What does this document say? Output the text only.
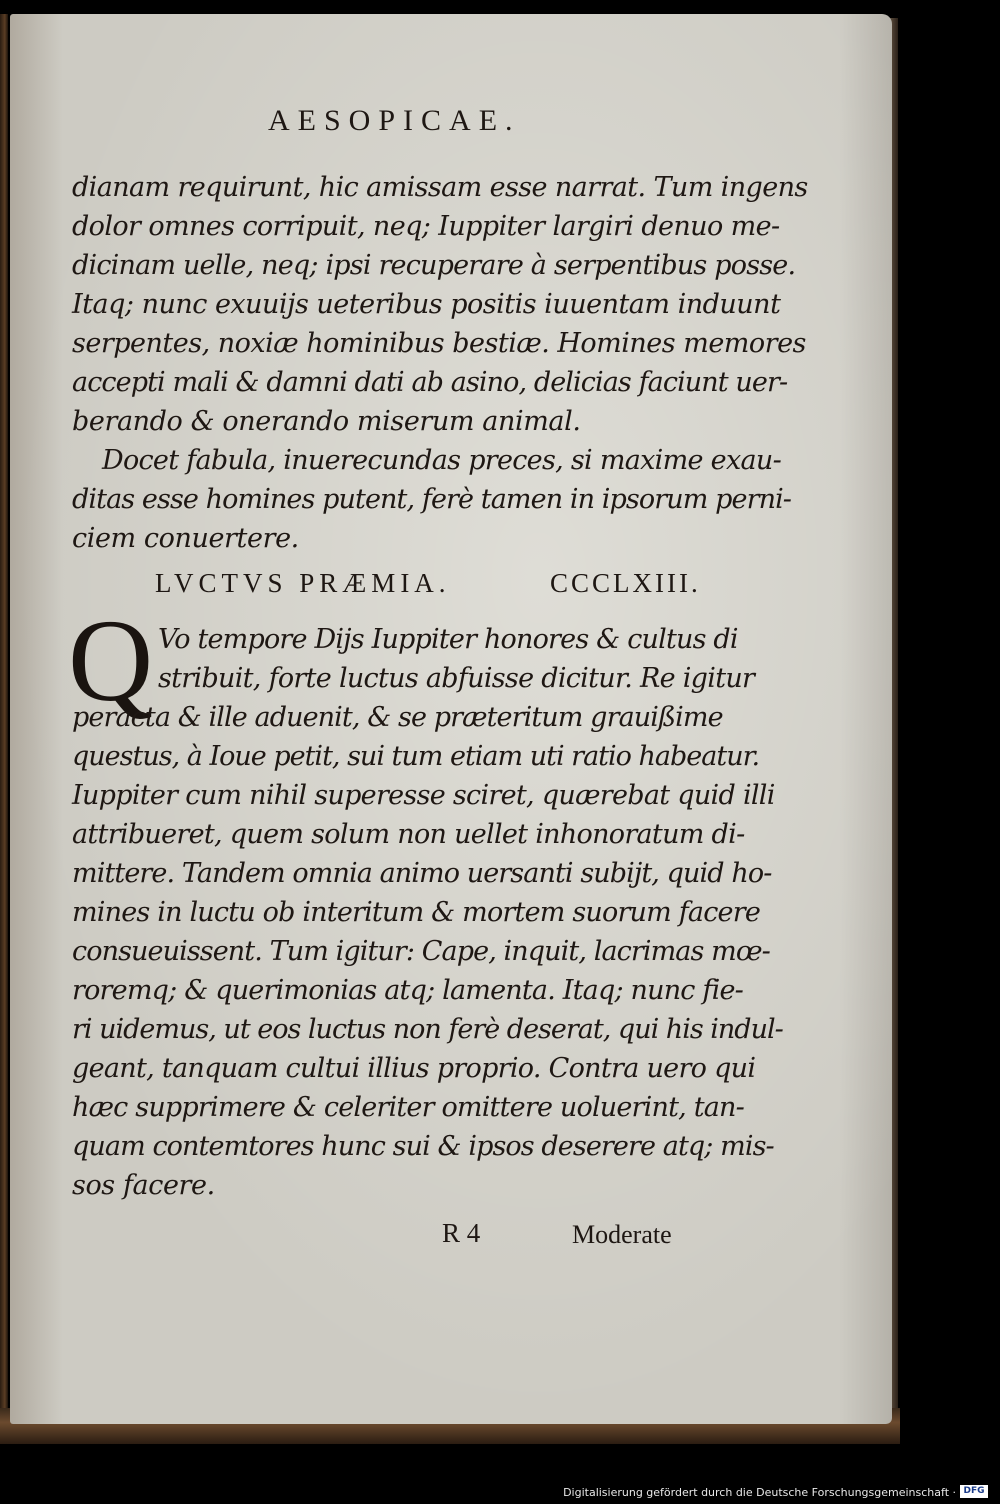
AESOPICAE.
dianam requirunt, hic amissam esse narrat. Tum ingens
dolor omnes corripuit, neq; Iuppiter largiri denuo me-
dicinam uelle, neq; ipsi recuperare à serpentibus posse.
Itaq; nunc exuuijs ueteribus positis iuuentam induunt
serpentes, noxiæ hominibus bestiæ. Homines memores
accepti mali & damni dati ab asino, delicias faciunt uer-
berando & onerando miserum animal.
Docet fabula, inuerecundas preces, si maxime exau-
ditas esse homines putent, ferè tamen in ipsorum perni-
ciem conuertere.
LVCTVS PRÆMIA.	CCCLXIII.
Q Vo tempore Dijs Iuppiter honores & cultus di
stribuit, forte luctus abfuisse dicitur. Re igitur
peracta & ille aduenit, & se præteritum grauißime
questus, à Ioue petit, sui tum etiam uti ratio habeatur.
Iuppiter cum nihil superesse sciret, quærebat quid illi
attribueret, quem solum non uellet inhonoratum di-
mittere. Tandem omnia animo uersanti subijt, quid ho-
mines in luctu ob interitum & mortem suorum facere
consueuissent. Tum igitur: Cape, inquit, lacrimas mœ-
roremq; & querimonias atq; lamenta. Itaq; nunc fie-
ri uidemus, ut eos luctus non ferè deserat, qui his indul-
geant, tanquam cultui illius proprio. Contra uero qui
hæc supprimere & celeriter omittere uoluerint, tan-
quam contemtores hunc sui & ipsos deserere atq; mis-
sos facere.
R 4	Moderate
Digitalisierung gefördert durch die Deutsche Forschungsgemeinschaft · DFG
